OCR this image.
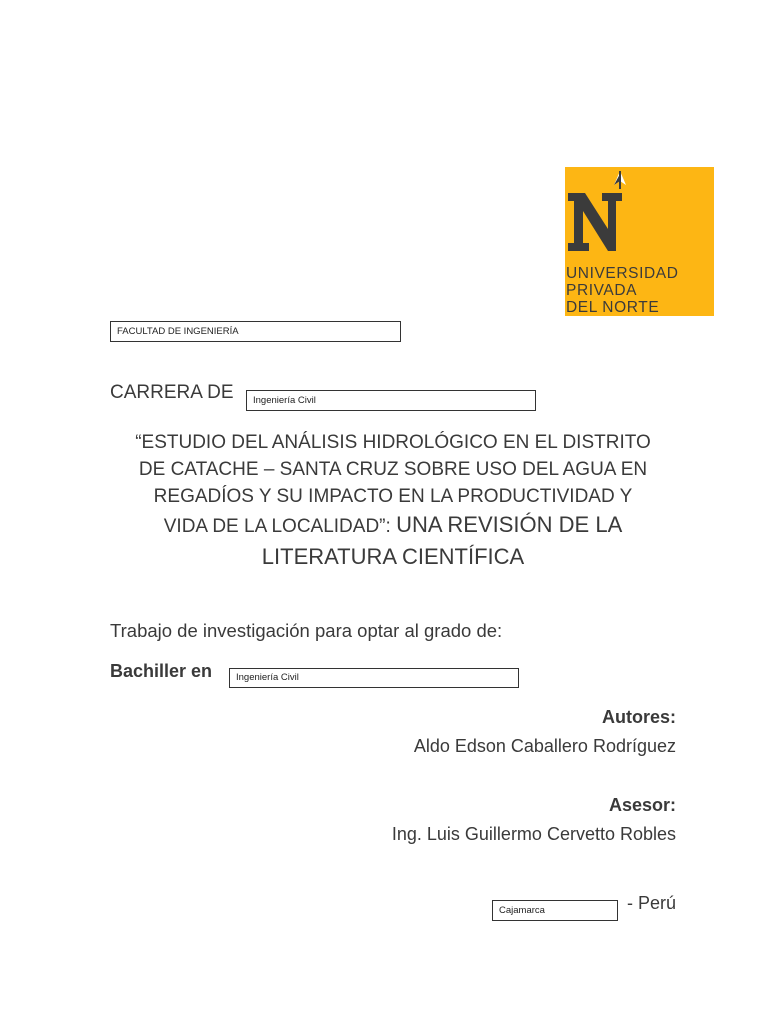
UNIVERSIDAD
PRIVADA
DEL NORTE
FACULTAD DE INGENIERÍA
CARRERA DE	Ingeniería Civil
“ESTUDIO DEL ANÁLISIS HIDROLÓGICO EN EL DISTRITO
DE CATACHE – SANTA CRUZ SOBRE USO DEL AGUA EN
REGADÍOS Y SU IMPACTO EN LA PRODUCTIVIDAD Y
VIDA DE LA LOCALIDAD”: UNA REVISIÓN DE LA
LITERATURA CIENTÍFICA
Trabajo de investigación para optar al grado de:
Bachiller en	Ingeniería Civil
Autores:
Aldo Edson Caballero Rodríguez
Asesor:
Ing. Luis Guillermo Cervetto Robles
Cajamarca	- Perú
